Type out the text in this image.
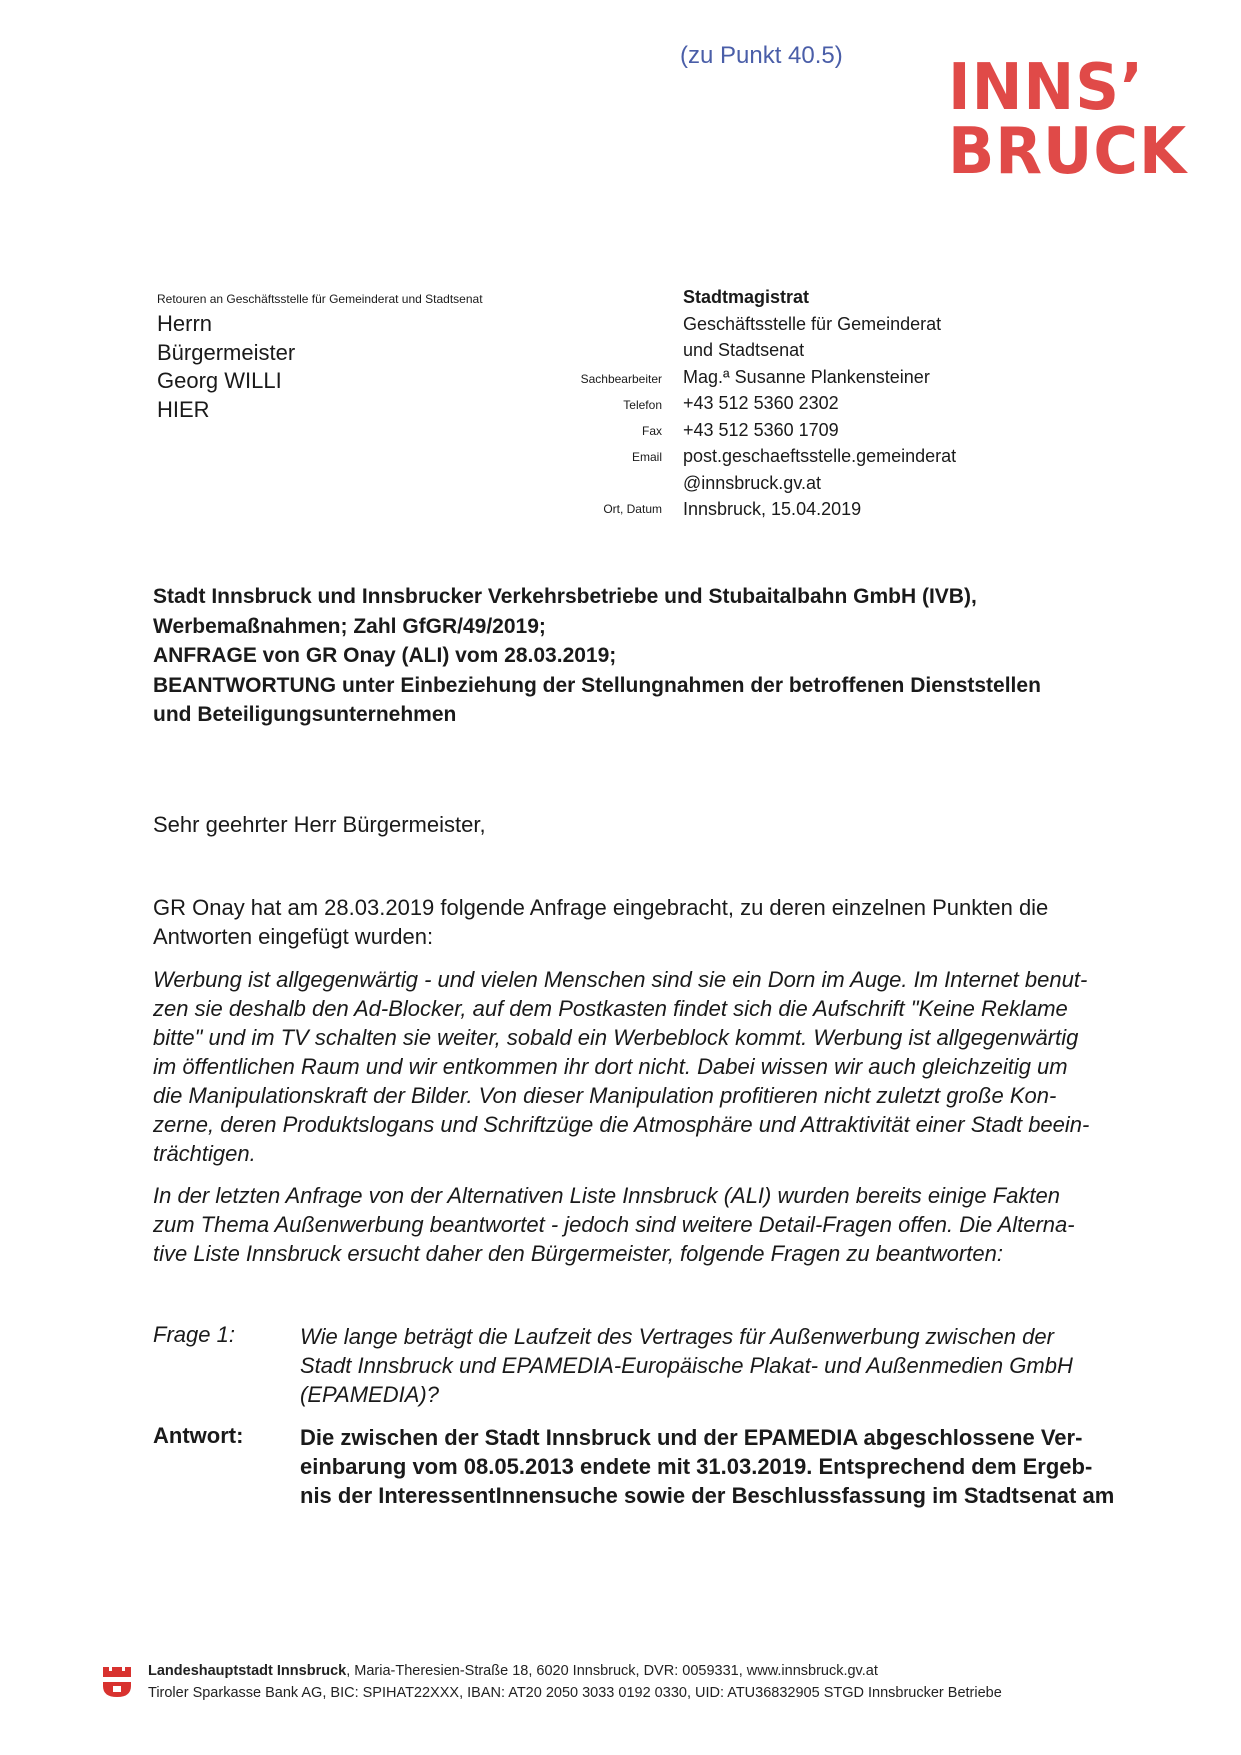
(zu Punkt 40.5) INNS’
BRUCK
Retouren an Geschäftsstelle für Gemeinderat und Stadtsenat
Herrn
Bürgermeister
Georg WILLI
HIER
Sachbearbeiter
Telefon
Fax
Email
Ort, Datum
Stadtmagistrat
Geschäftsstelle für Gemeinderat
und Stadtsenat
Mag.ª Susanne Plankensteiner
+43 512 5360 2302
+43 512 5360 1709
post.geschaeftsstelle.gemeinderat
@innsbruck.gv.at
Innsbruck, 15.04.2019
Stadt Innsbruck und Innsbrucker Verkehrsbetriebe und Stubaitalbahn GmbH (IVB),
Werbemaßnahmen; Zahl GfGR/49/2019;
ANFRAGE von GR Onay (ALI) vom 28.03.2019;
BEANTWORTUNG unter Einbeziehung der Stellungnahmen der betroffenen Dienststellen
und Beteiligungsunternehmen
Sehr geehrter Herr Bürgermeister,
GR Onay hat am 28.03.2019 folgende Anfrage eingebracht, zu deren einzelnen Punkten die
Antworten eingefügt wurden:
Werbung ist allgegenwärtig - und vielen Menschen sind sie ein Dorn im Auge. Im Internet benut-
zen sie deshalb den Ad-Blocker, auf dem Postkasten findet sich die Aufschrift "Keine Reklame
bitte" und im TV schalten sie weiter, sobald ein Werbeblock kommt. Werbung ist allgegenwärtig
im öffentlichen Raum und wir entkommen ihr dort nicht. Dabei wissen wir auch gleichzeitig um
die Manipulationskraft der Bilder. Von dieser Manipulation profitieren nicht zuletzt große Kon-
zerne, deren Produktslogans und Schriftzüge die Atmosphäre und Attraktivität einer Stadt beein-
trächtigen.
In der letzten Anfrage von der Alternativen Liste Innsbruck (ALI) wurden bereits einige Fakten
zum Thema Außenwerbung beantwortet - jedoch sind weitere Detail-Fragen offen. Die Alterna-
tive Liste Innsbruck ersucht daher den Bürgermeister, folgende Fragen zu beantworten:
Frage 1:	Wie lange beträgt die Laufzeit des Vertrages für Außenwerbung zwischen der
Stadt Innsbruck und EPAMEDIA-Europäische Plakat- und Außenmedien GmbH
(EPAMEDIA)?
Antwort:	Die zwischen der Stadt Innsbruck und der EPAMEDIA abgeschlossene Ver-
einbarung vom 08.05.2013 endete mit 31.03.2019. Entsprechend dem Ergeb-
nis der InteressentInnensuche sowie der Beschlussfassung im Stadtsenat am
Landeshauptstadt Innsbruck, Maria-Theresien-Straße 18, 6020 Innsbruck, DVR: 0059331, www.innsbruck.gv.at
Tiroler Sparkasse Bank AG, BIC: SPIHAT22XXX, IBAN: AT20 2050 3033 0192 0330, UID: ATU36832905 STGD Innsbrucker Betriebe
